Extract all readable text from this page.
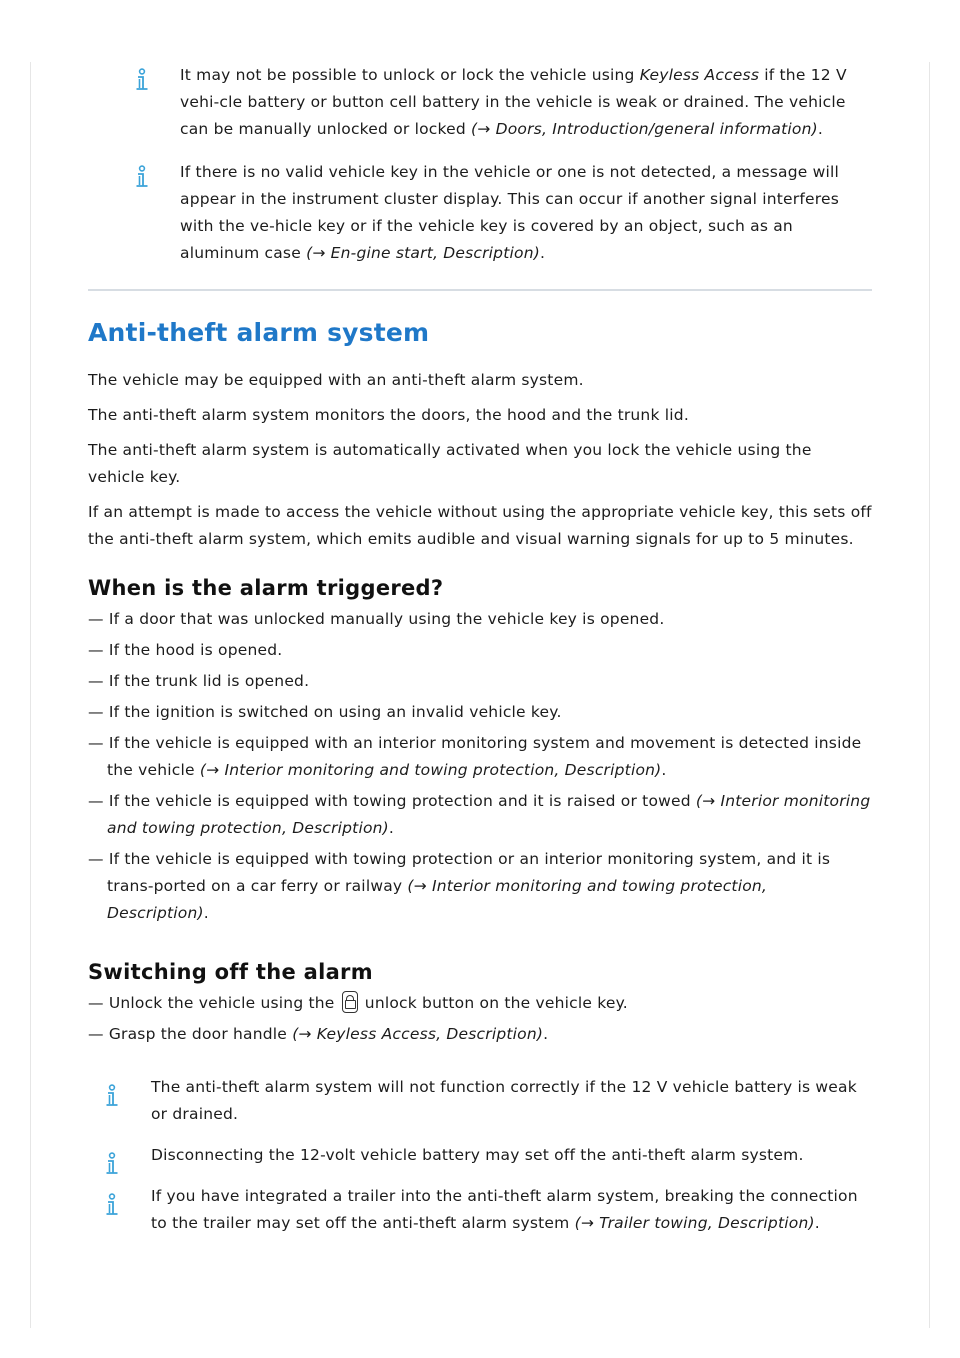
It may not be possible to unlock or lock the vehicle using Keyless Access if the 12 V vehi-cle battery or button cell battery in the vehicle is weak or drained. The vehicle can be manually unlocked or locked (→ Doors, Introduction/general information).
If there is no valid vehicle key in the vehicle or one is not detected, a message will appear in the instrument cluster display. This can occur if another signal interferes with the ve-hicle key or if the vehicle key is covered by an object, such as an aluminum case (→ En-gine start, Description).
Anti-theft alarm system

The vehicle may be equipped with an anti-theft alarm system.

The anti-theft alarm system monitors the doors, the hood and the trunk lid.

The anti-theft alarm system is automatically activated when you lock the vehicle using the vehicle key.

If an attempt is made to access the vehicle without using the appropriate vehicle key, this sets off the anti-theft alarm system, which emits audible and visual warning signals for up to 5 minutes.

When is the alarm triggered?
— If a door that was unlocked manually using the vehicle key is opened.
— If the hood is opened.
— If the trunk lid is opened.
— If the ignition is switched on using an invalid vehicle key.
— If the vehicle is equipped with an interior monitoring system and movement is detected inside the vehicle (→ Interior monitoring and towing protection, Description).
— If the vehicle is equipped with towing protection and it is raised or towed (→ Interior monitoring and towing protection, Description).
— If the vehicle is equipped with towing protection or an interior monitoring system, and it is trans-ported on a car ferry or railway (→ Interior monitoring and towing protection, Description).
Switching off the alarm
— Unlock the vehicle using the
unlock button on the vehicle key.
— Grasp the door handle (→ Keyless Access, Description).
The anti-theft alarm system will not function correctly if the 12 V vehicle battery is weak or drained.
Disconnecting the 12-volt vehicle battery may set off the anti-theft alarm system.
If you have integrated a trailer into the anti-theft alarm system, breaking the connection to the trailer may set off the anti-theft alarm system (→ Trailer towing, Description).
